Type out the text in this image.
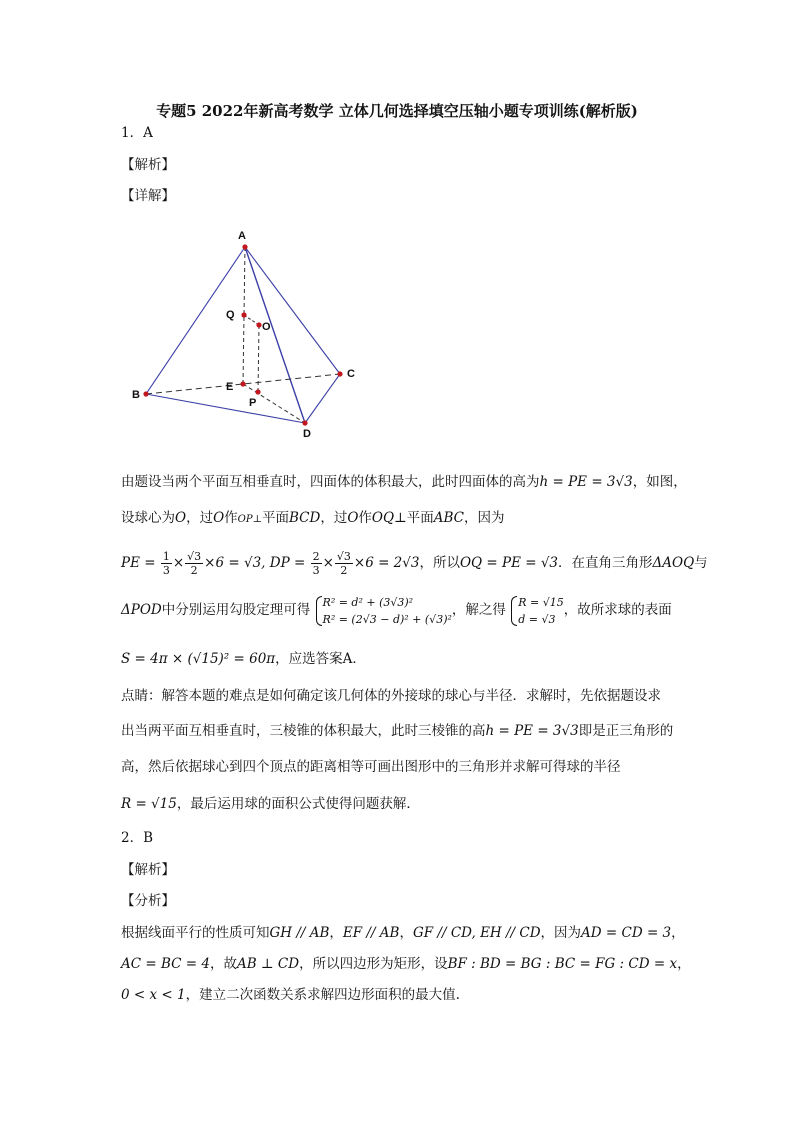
专题5 2022年新高考数学 立体几何选择填空压轴小题专项训练(解析版)
1．A
【解析】
【详解】
A
Q
O
C
B
E
P
D
由题设当两个平面互相垂直时，四面体的体积最大，此时四面体的高为h = PE = 3√3，如图，
设球心为O，过O作OP⊥平面BCD，过O作OQ⊥平面ABC，因为
PE = $\frac{1}{3} \times \frac{√3}{2} \times 6 = √3$, DP = $\frac{2}{3} \times \frac{√3}{2} \times 6 = 2√3$，所以OQ = PE = √3．在直角三角形ΔAOQ与
ΔPOD中分别运用勾股定理可得 R² = d² + (3√3)²
R² = (2√3 − d)² + (√3)²
，解之得 R = √15
d = √3
，故所求球的表面
S = 4π × (√15)² = 60π，应选答案A．
点睛：解答本题的难点是如何确定该几何体的外接球的球心与半径．求解时，先依据题设求
出当两平面互相垂直时，三棱锥的体积最大，此时三棱锥的高h = PE = 3√3即是正三角形的
高，然后依据球心到四个顶点的距离相等可画出图形中的三角形并求解可得球的半径
R = √15，最后运用球的面积公式使得问题获解．
2．B
【解析】
【分析】
根据线面平行的性质可知GH // AB，EF // AB，GF // CD, EH // CD，因为AD = CD = 3，
AC = BC = 4，故AB ⊥ CD，所以四边形为矩形，设BF : BD = BG : BC = FG : CD = x，
0 < x < 1，建立二次函数关系求解四边形面积的最大值.
